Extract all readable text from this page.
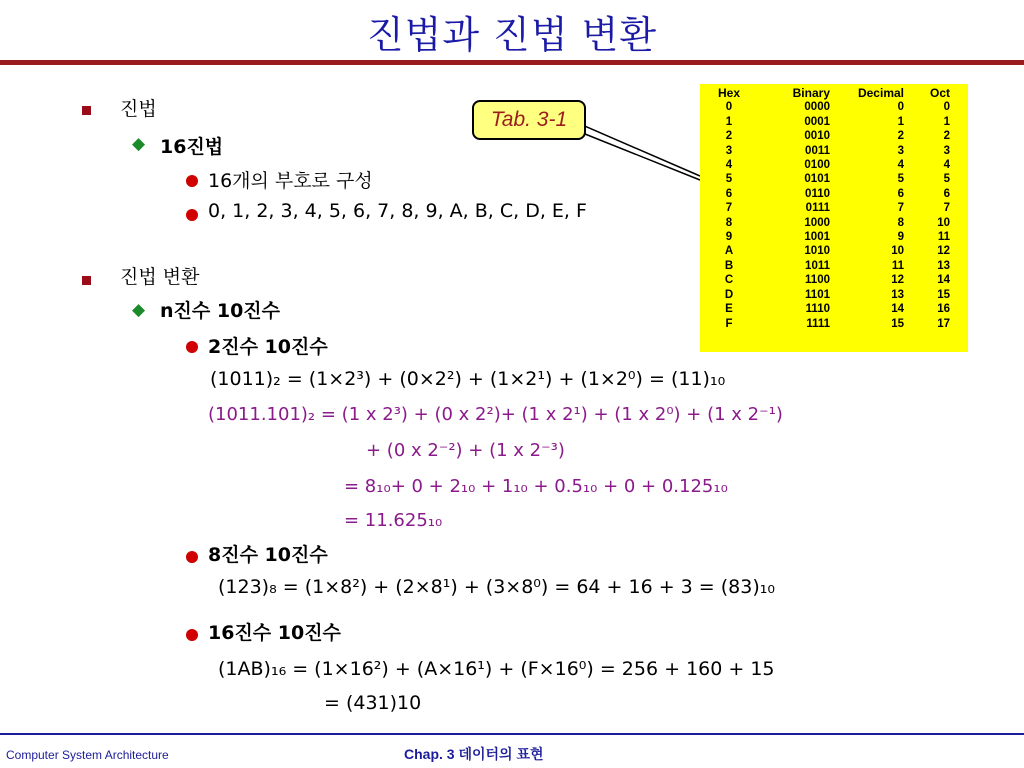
진법과 진법 변환
진법
◆ 16진법
16개의 부호로 구성
0, 1, 2, 3, 4, 5, 6, 7, 8, 9, A, B, C, D, E, F
진법 변환
◆ n진수 10진수
2진수 10진수
(1011)₂ = (1×2³) + (0×2²) + (1×2¹) + (1×2⁰) = (11)₁₀
(1011.101)₂ = (1 x 2³) + (0 x 2²)+ (1 x 2¹) + (1 x 2⁰) + (1 x 2⁻¹)
+ (0 x 2⁻²) + (1 x 2⁻³)
= 8₁₀+ 0 + 2₁₀ + 1₁₀ + 0.5₁₀ + 0 + 0.125₁₀
= 11.625₁₀
8진수 10진수
(123)₈ = (1×8²) + (2×8¹) + (3×8⁰) = 64 + 16 + 3 = (83)₁₀
16진수 10진수
(1AB)₁₆ = (1×16²) + (A×16¹) + (F×16⁰) = 256 + 160 + 15
= (431)10
Tab. 3-1
Hex	Binary	Decimal	Oct
0	0000	0	0
1	0001	1	1
2	0010	2	2
3	0011	3	3
4	0100	4	4
5	0101	5	5
6	0110	6	6
7	0111	7	7
8	1000	8	10
9	1001	9	11
A	1010	10	12
B	1011	11	13
C	1100	12	14
D	1101	13	15
E	1110	14	16
F	1111	15	17
Computer System Architecture	Chap. 3 데이터의 표현
